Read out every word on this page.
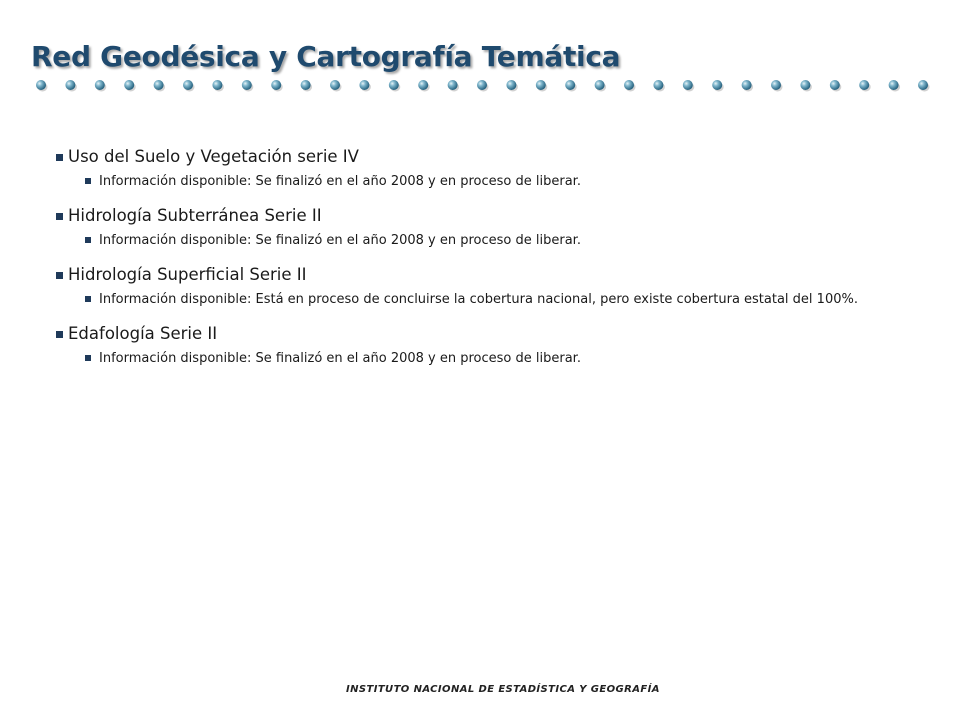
Red Geodésica y Cartografía Temática
Uso del Suelo y Vegetación serie IV
Información disponible: Se finalizó en el año 2008 y en proceso de liberar.
Hidrología Subterránea Serie II
Información disponible: Se finalizó en el año 2008 y en proceso de liberar.
Hidrología Superficial Serie II
Información disponible: Está en proceso de concluirse la cobertura nacional, pero existe cobertura estatal del 100%.
Edafología Serie II
Información disponible: Se finalizó en el año 2008 y en proceso de liberar.
INSTITUTO NACIONAL DE ESTADÍSTICA Y GEOGRAFÍA
